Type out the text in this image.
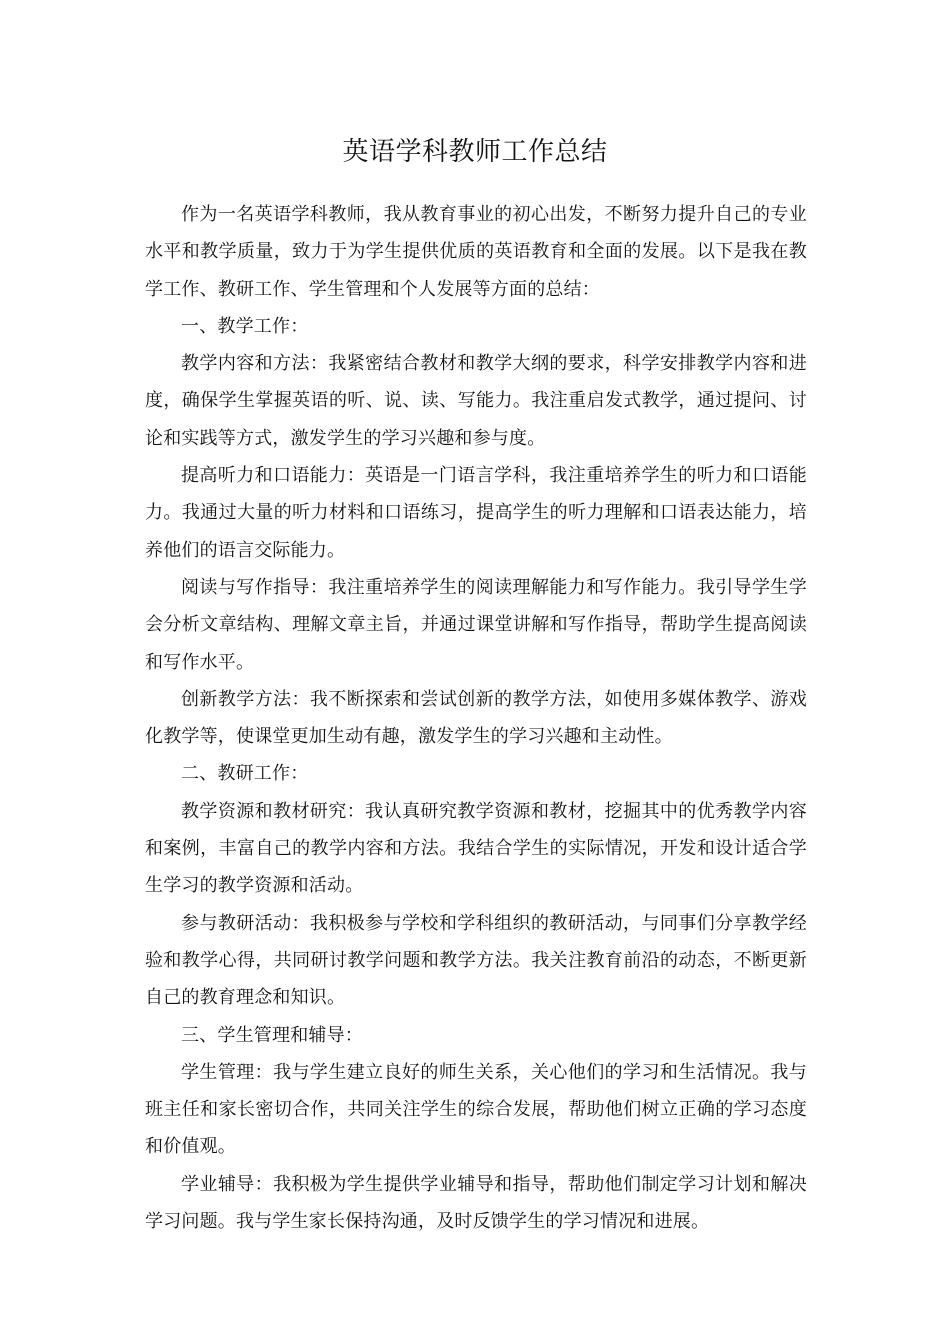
英语学科教师工作总结

作为一名英语学科教师，我从教育事业的初心出发，不断努力提升自己的专业水平和教学质量，致力于为学生提供优质的英语教育和全面的发展。以下是我在教学工作、教研工作、学生管理和个人发展等方面的总结：

一、教学工作：

教学内容和方法：我紧密结合教材和教学大纲的要求，科学安排教学内容和进度，确保学生掌握英语的听、说、读、写能力。我注重启发式教学，通过提问、讨论和实践等方式，激发学生的学习兴趣和参与度。

提高听力和口语能力：英语是一门语言学科，我注重培养学生的听力和口语能力。我通过大量的听力材料和口语练习，提高学生的听力理解和口语表达能力，培养他们的语言交际能力。

阅读与写作指导：我注重培养学生的阅读理解能力和写作能力。我引导学生学会分析文章结构、理解文章主旨，并通过课堂讲解和写作指导，帮助学生提高阅读和写作水平。

创新教学方法：我不断探索和尝试创新的教学方法，如使用多媒体教学、游戏化教学等，使课堂更加生动有趣，激发学生的学习兴趣和主动性。

二、教研工作：

教学资源和教材研究：我认真研究教学资源和教材，挖掘其中的优秀教学内容和案例，丰富自己的教学内容和方法。我结合学生的实际情况，开发和设计适合学生学习的教学资源和活动。

参与教研活动：我积极参与学校和学科组织的教研活动，与同事们分享教学经验和教学心得，共同研讨教学问题和教学方法。我关注教育前沿的动态，不断更新自己的教育理念和知识。

三、学生管理和辅导：

学生管理：我与学生建立良好的师生关系，关心他们的学习和生活情况。我与班主任和家长密切合作，共同关注学生的综合发展，帮助他们树立正确的学习态度和价值观。

学业辅导：我积极为学生提供学业辅导和指导，帮助他们制定学习计划和解决学习问题。我与学生家长保持沟通，及时反馈学生的学习情况和进展。
